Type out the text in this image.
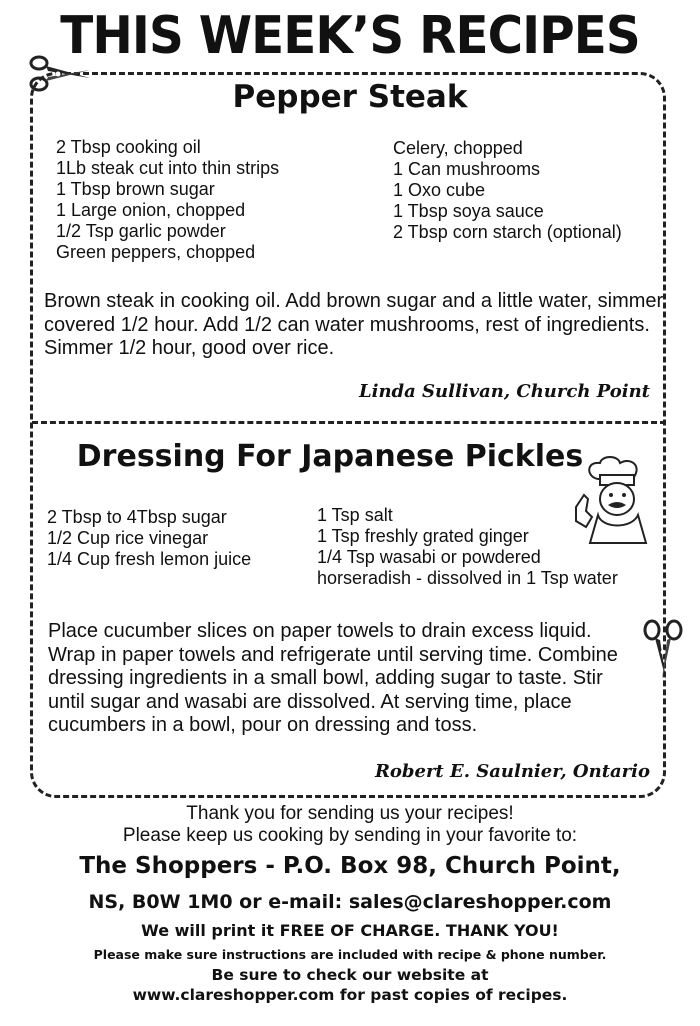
THIS WEEK’S RECIPES
Pepper Steak
2 Tbsp cooking oil
1Lb steak cut into thin strips
1 Tbsp brown sugar
1 Large onion, chopped
1/2 Tsp garlic powder
Green peppers, chopped
Celery, chopped
1 Can mushrooms
1 Oxo cube
1 Tbsp soya sauce
2 Tbsp corn starch (optional)
Brown steak in cooking oil. Add brown sugar and a little water, simmer covered 1/2 hour. Add 1/2 can water mushrooms, rest of ingredients. Simmer 1/2 hour, good over rice.
Linda Sullivan, Church Point
Dressing For Japanese Pickles
2 Tbsp to 4Tbsp sugar
1/2 Cup rice vinegar
1/4 Cup fresh lemon juice
1 Tsp salt
1 Tsp freshly grated ginger
1/4 Tsp wasabi or powdered
horseradish - dissolved in 1 Tsp water
Place cucumber slices on paper towels to drain excess liquid. Wrap in paper towels and refrigerate until serving time. Combine dressing ingredients in a small bowl, adding sugar to taste. Stir until sugar and wasabi are dissolved. At serving time, place cucumbers in a bowl, pour on dressing and toss.
Robert E. Saulnier, Ontario
Thank you for sending us your recipes!
Please keep us cooking by sending in your favorite to:
The Shoppers - P.O. Box 98, Church Point,
NS, B0W 1M0 or e-mail: sales@clareshopper.com
We will print it FREE OF CHARGE. THANK YOU!
Please make sure instructions are included with recipe & phone number.
Be sure to check our website at
www.clareshopper.com for past copies of recipes.
